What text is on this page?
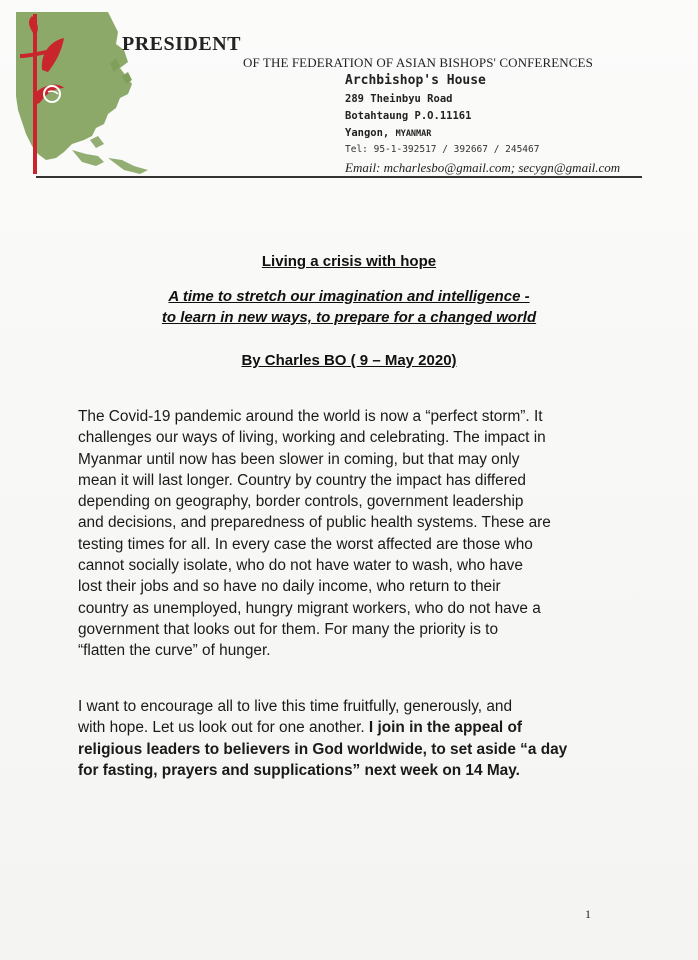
PRESIDENT
OF THE FEDERATION OF ASIAN BISHOPS' CONFERENCES
Archbishop's House
289 Theinbyu Road
Botahtaung P.O.11161
Yangon, MYANMAR
Tel: 95-1-392517 / 392667 / 245467
Email: mcharlesbo@gmail.com; secygn@gmail.com
Living a crisis with hope
A time to stretch our imagination and intelligence -
to learn in new ways, to prepare for a changed world
By Charles BO ( 9 – May 2020)
The Covid-19 pandemic around the world is now a “perfect storm”. It
challenges our ways of living, working and celebrating. The impact in
Myanmar until now has been slower in coming, but that may only
mean it will last longer. Country by country the impact has differed
depending on geography, border controls, government leadership
and decisions, and preparedness of public health systems. These are
testing times for all. In every case the worst affected are those who
cannot socially isolate, who do not have water to wash, who have
lost their jobs and so have no daily income, who return to their
country as unemployed, hungry migrant workers, who do not have a
government that looks out for them. For many the priority is to
“flatten the curve” of hunger.
I want to encourage all to live this time fruitfully, generously, and
with hope. Let us look out for one another. I join in the appeal of
religious leaders to believers in God worldwide, to set aside “a day
for fasting, prayers and supplications” next week on 14 May.
1
